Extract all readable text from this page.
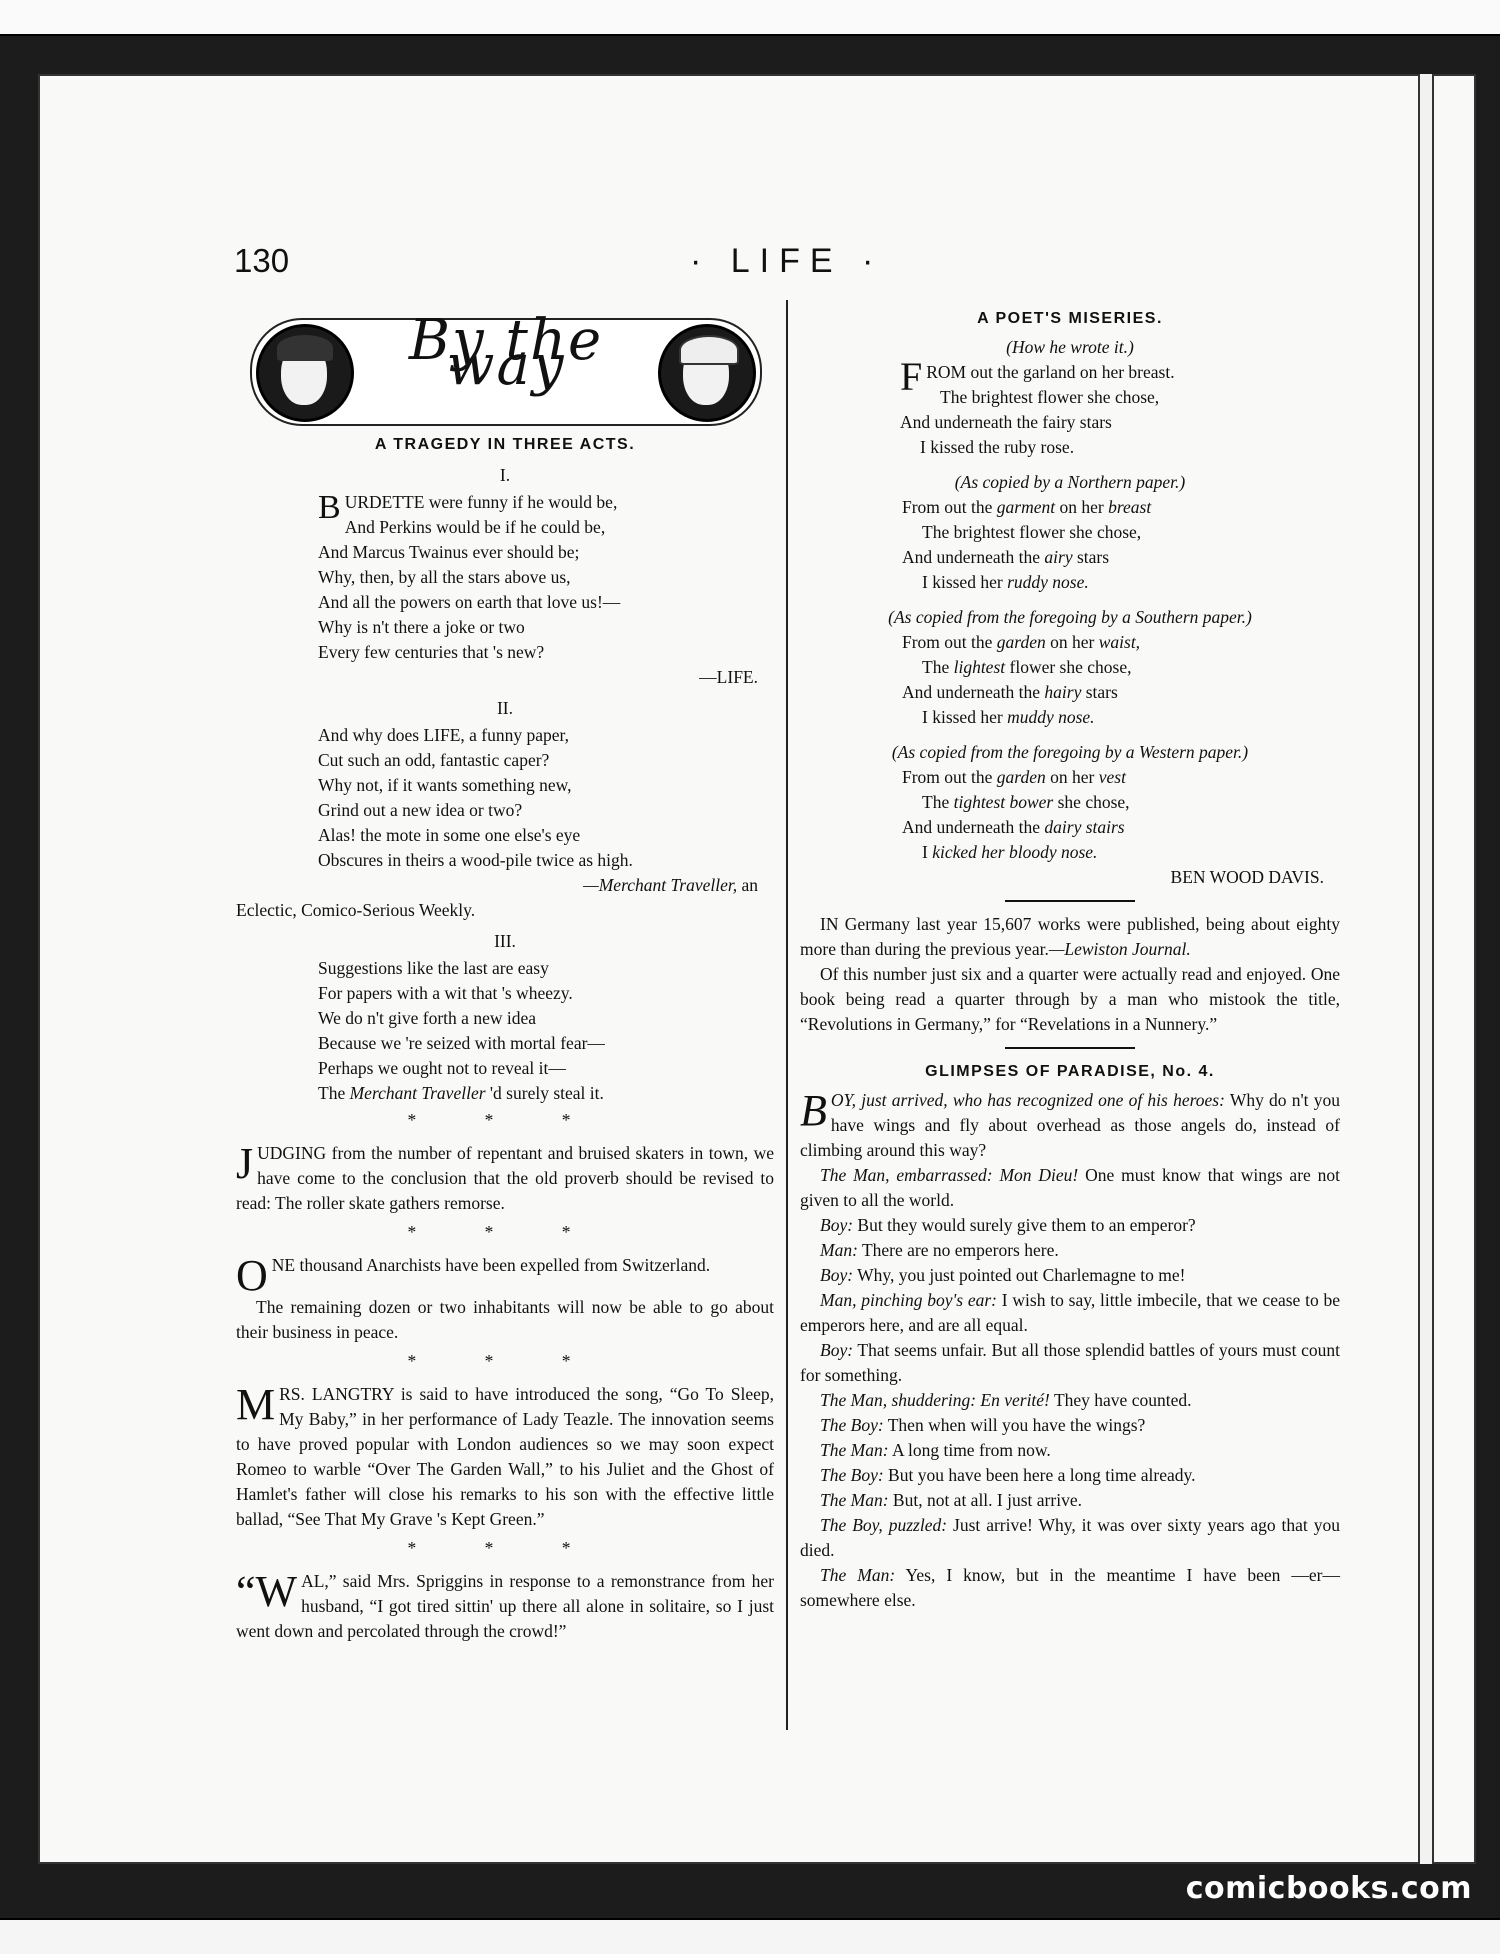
comicbooks.com
130	· LIFE ·
By the way
A TRAGEDY IN THREE ACTS.
I.
BURDETTE were funny if he would be,
And Perkins would be if he could be,
And Marcus Twainus ever should be;
Why, then, by all the stars above us,
And all the powers on earth that love us!—
Why is n't there a joke or two
Every few centuries that 's new?
—LIFE.
II.
And why does LIFE, a funny paper,
Cut such an odd, fantastic caper?
Why not, if it wants something new,
Grind out a new idea or two?
Alas! the mote in some one else's eye
Obscures in theirs a wood-pile twice as high.
—Merchant Traveller, an
Eclectic, Comico-Serious Weekly.
III.
Suggestions like the last are easy
For papers with a wit that 's wheezy.
We do n't give forth a new idea
Because we 're seized with mortal fear—
Perhaps we ought not to reveal it—
The Merchant Traveller 'd surely steal it.
* * *

JUDGING from the number of repentant and bruised skaters in town, we have come to the conclusion that the old proverb should be revised to read: The roller skate gathers remorse.

* * *

ONE thousand Anarchists have been expelled from Switzerland.

The remaining dozen or two inhabitants will now be able to go about their business in peace.

* * *

MRS. LANGTRY is said to have introduced the song, “Go To Sleep, My Baby,” in her performance of Lady Teazle. The innovation seems to have proved popular with London audiences so we may soon expect Romeo to warble “Over The Garden Wall,” to his Juliet and the Ghost of Hamlet's father will close his remarks to his son with the effective little ballad, “See That My Grave 's Kept Green.”

* * *

“WAL,” said Mrs. Spriggins in response to a remonstrance from her husband, “I got tired sittin' up there all alone in solitaire, so I just went down and percolated through the crowd!”

A POET'S MISERIES.
(How he wrote it.)
FROM out the garland on her breast.
The brightest flower she chose,
And underneath the fairy stars
I kissed the ruby rose.
(As copied by a Northern paper.)
From out the garment on her breast
The brightest flower she chose,
And underneath the airy stars
I kissed her ruddy nose.
(As copied from the foregoing by a Southern paper.)
From out the garden on her waist,
The lightest flower she chose,
And underneath the hairy stars
I kissed her muddy nose.
(As copied from the foregoing by a Western paper.)
From out the garden on her vest
The tightest bower she chose,
And underneath the dairy stairs
I kicked her bloody nose.
BEN WOOD DAVIS.

IN Germany last year 15,607 works were published, being about eighty more than during the previous year.—Lewiston Journal.

Of this number just six and a quarter were actually read and enjoyed. One book being read a quarter through by a man who mistook the title, “Revolutions in Germany,” for “Revelations in a Nunnery.”

GLIMPSES OF PARADISE, No. 4.

BOY, just arrived, who has recognized one of his heroes: Why do n't you have wings and fly about overhead as those angels do, instead of climbing around this way?

The Man, embarrassed: Mon Dieu! One must know that wings are not given to all the world.
Boy: But they would surely give them to an emperor?
Man: There are no emperors here.
Boy: Why, you just pointed out Charlemagne to me!
Man, pinching boy's ear: I wish to say, little imbecile, that we cease to be emperors here, and are all equal.
Boy: That seems unfair. But all those splendid battles of yours must count for something.
The Man, shuddering: En verité! They have counted.
The Boy: Then when will you have the wings?
The Man: A long time from now.
The Boy: But you have been here a long time already.
The Man: But, not at all. I just arrive.
The Boy, puzzled: Just arrive! Why, it was over sixty years ago that you died.
The Man: Yes, I know, but in the meantime I have been —er—somewhere else.
